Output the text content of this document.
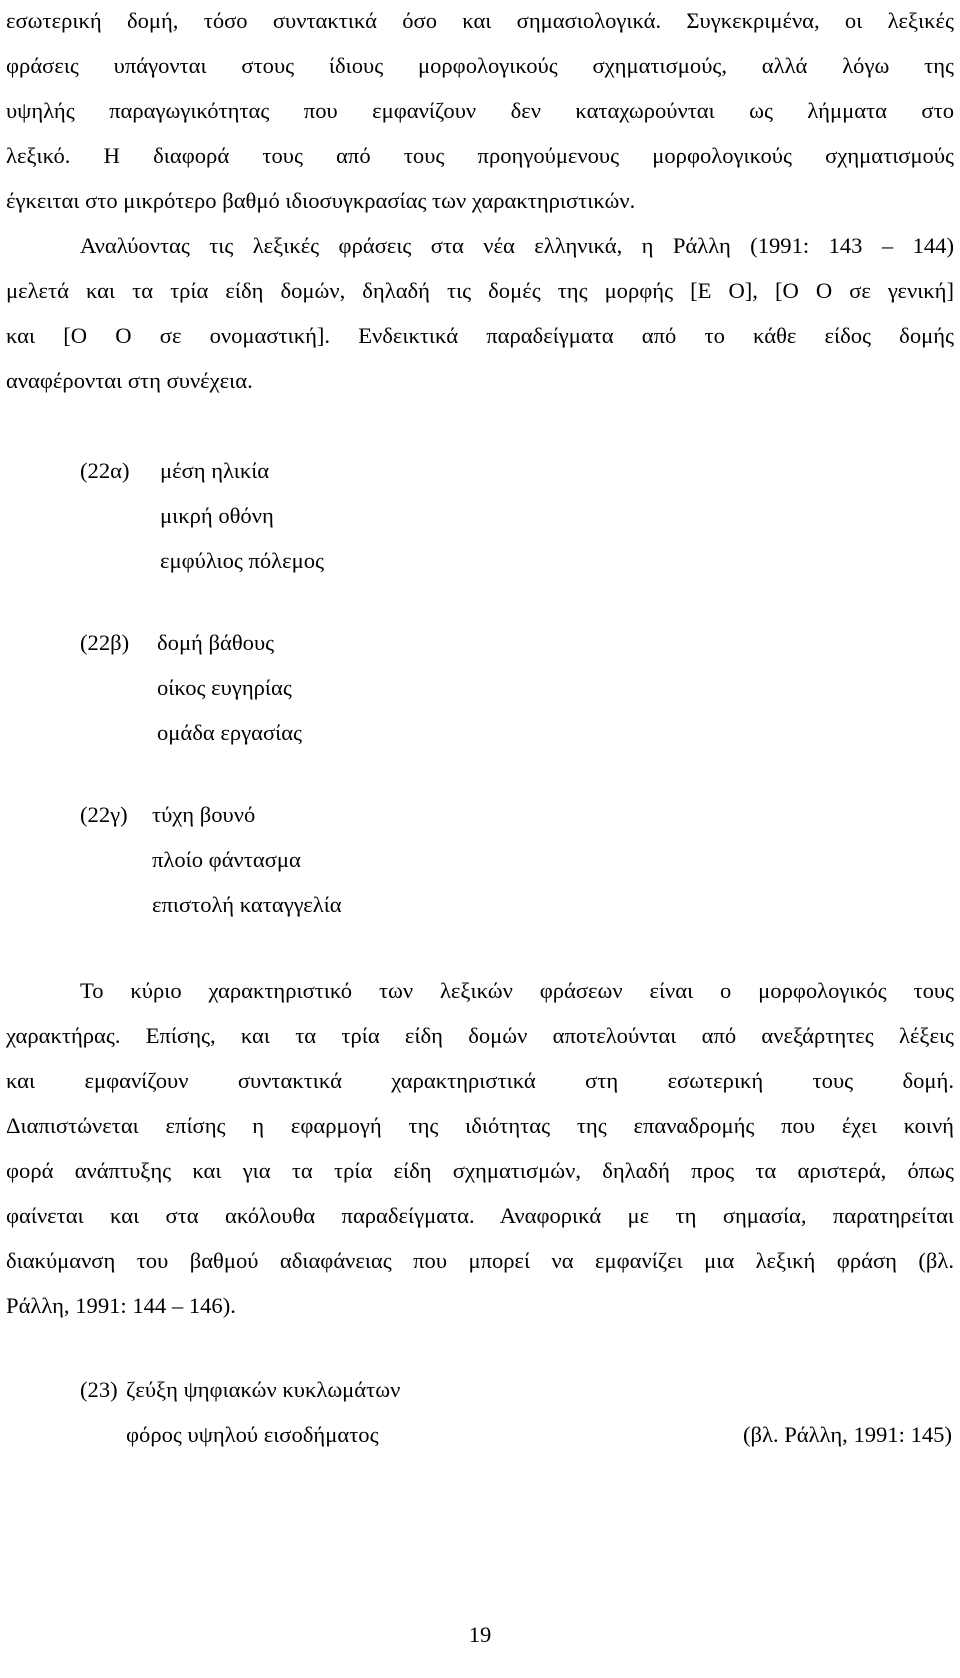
εσωτερική δομή, τόσο συντακτικά όσο και σημασιολογικά. Συγκεκριμένα, οι λεξικές
φράσεις υπάγονται στους ίδιους μορφολογικούς σχηματισμούς, αλλά λόγω της
υψηλής παραγωγικότητας που εμφανίζουν δεν καταχωρούνται ως λήμματα στο
λεξικό. Η διαφορά τους από τους προηγούμενους μορφολογικούς σχηματισμούς
έγκειται στο μικρότερο βαθμό ιδιοσυγκρασίας των χαρακτηριστικών.
Αναλύοντας τις λεξικές φράσεις στα νέα ελληνικά, η Ράλλη (1991: 143 – 144)
μελετά και τα τρία είδη δομών, δηλαδή τις δομές της μορφής [Ε Ο], [Ο Ο σε γενική]
και [Ο Ο σε ονομαστική]. Ενδεικτικά παραδείγματα από το κάθε είδος δομής
αναφέρονται στη συνέχεια.
(22α) μέση ηλικία
μικρή οθόνη
εμφύλιος πόλεμος
(22β) δομή βάθους
οίκος ευγηρίας
ομάδα εργασίας
(22γ) τύχη βουνό
πλοίο φάντασμα
επιστολή καταγγελία
Το κύριο χαρακτηριστικό των λεξικών φράσεων είναι ο μορφολογικός τους
χαρακτήρας. Επίσης, και τα τρία είδη δομών αποτελούνται από ανεξάρτητες λέξεις
και εμφανίζουν συντακτικά χαρακτηριστικά στη εσωτερική τους δομή.
Διαπιστώνεται επίσης η εφαρμογή της ιδιότητας της επαναδρομής που έχει κοινή
φορά ανάπτυξης και για τα τρία είδη σχηματισμών, δηλαδή προς τα αριστερά, όπως
φαίνεται και στα ακόλουθα παραδείγματα. Αναφορικά με τη σημασία, παρατηρείται
διακύμανση του βαθμού αδιαφάνειας που μπορεί να εμφανίζει μια λεξική φράση (βλ.
Ράλλη, 1991: 144 – 146).
(23) ζεύξη ψηφιακών κυκλωμάτων
φόρος υψηλού εισοδήματος	(βλ. Ράλλη, 1991: 145)
19
